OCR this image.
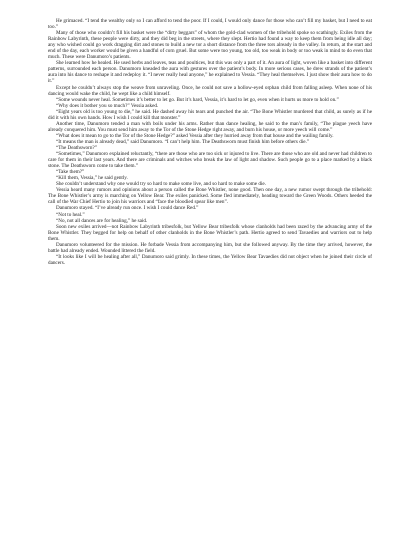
He grimaced. “I tend the wealthy only so I can afford to tend the poor. If I could, I would only dance for those who can’t fill my basket, but I need to eat too.”

Many of those who couldn’t fill his basket were the “dirty beggars” of whom the gold-clad women of the tribehold spoke so scathingly. Exiles from the Rainbow Labyrinth, these people were dirty, and they did beg in the streets, where they slept. Hertio had found a way to keep them from being idle all day; any who wished could go work dragging dirt and stones to build a new tor a short distance from the three tors already in the valley. In return, at the start and end of the day, each worker would be given a handful of corn gruel. But some were too young, too old, too weak in body or too weak in mind to do even that much. These were Danumoro’s patients.

She learned how he healed. He used herbs and leaves, teas and poultices, but this was only a part of it. An aura of light, woven like a basket into different patterns, surrounded each person. Danumoro kneaded the aura with gestures over the patient’s body. In more serious cases, he drew strands of the patient’s aura into his dance to reshape it and redeploy it. “I never really heal anyone,” he explained to Vessia. “They heal themselves. I just show their aura how to do it.”

Except he couldn’t always stop the weave from unraveling. Once, he could not save a hollow-eyed orphan child from falling asleep. When none of his dancing would wake the child, he wept like a child himself.

“Some wounds never heal. Sometimes it’s better to let go. But it’s hard, Vessia, it’s hard to let go, even when it hurts us more to hold on.”

“Why does it bother you so much?” Vessia asked.

“Eight years old is too young to die,” he said. He dashed away his tears and punched the air. “The Bone Whistler murdered that child, as surely as if he did it with his own hands. How I wish I could kill that monster.”

Another time, Danumoro tended a man with boils under his arms. Rather than dance healing, he said to the man’s family, “The plague yeech have already conquered him. You must send him away to the Tor of the Stone Hedge right away, and burn his house, or more yeech will come.”

“What does it mean to go to the Tor of the Stone Hedge?” asked Vessia after they hurried away from that house and the wailing family.

“It means the man is already dead,” said Danumoro. “I can’t help him. The Deathsworn must finish him before others die.”

“The Deathsworn?”

“Sometimes,” Danumoro explained reluctantly, “there are those who are too sick or injured to live. There are those who are old and never had children to care for them in their last years. And there are criminals and witches who break the law of light and shadow. Such people go to a place marked by a black stone. The Deathsworn come to take them.”

“Take them?”

“Kill them, Vessia,” he said gently.

She couldn’t understand why one would try so hard to make some live, and so hard to make some die.

Vessia heard many rumors and opinions about a person called the Bone Whistler, none good. Then one day, a new rumor swept through the tribehold: The Bone Whistler’s army is marching on Yellow Bear. The exiles panicked. Some fled immediately, heading toward the Green Woods. Others heeded the call of the War Chief Hertio to join his warriors and “face the bloodied spear like men”.

Danumoro stayed. “I’ve already run once. I wish I could dance Red.”

“Not to heal.”

“No, not all dances are for healing,” he said.

Soon new exiles arrived—not Rainbow Labyrinth tribesfolk, but Yellow Bear tribesfolk whose clanholds had been razed by the advancing army of the Bone Whistler. They begged for help on behalf of other clanholds in the Bone Whistler’s path. Hertio agreed to send Tavaedies and warriors out to help them.

Danumoro volunteered for the mission. He forbade Vessia from accompanying him, but she followed anyway. By the time they arrived, however, the battle had already ended. Wounded littered the field.

“It looks like I will be healing after all,” Danumoro said grimly. In these times, the Yellow Bear Tavaedies did not object when he joined their circle of dancers.
